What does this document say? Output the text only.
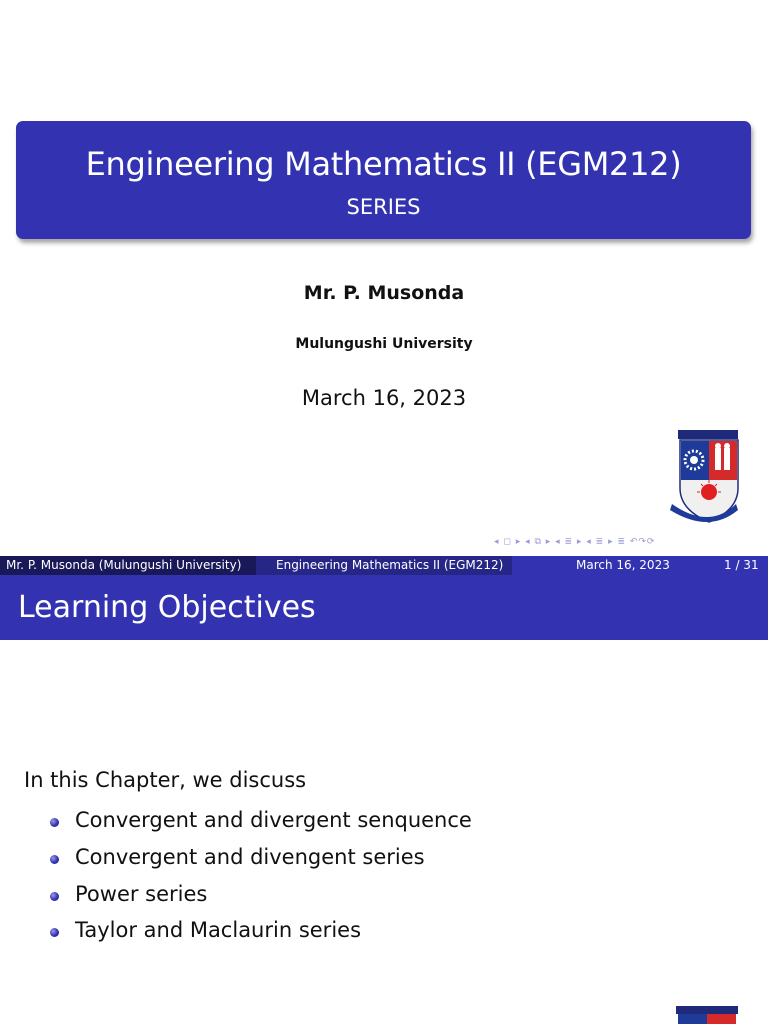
Engineering Mathematics II (EGM212)
SERIES
Mr. P. Musonda
Mulungushi University
March 16, 2023
◂ ◻ ▸ ◂ ⧉ ▸ ◂ ≣ ▸ ◂ ≣ ▸ ≣ ↶↷⟳
Mr. P. Musonda (Mulungushi University)	Engineering Mathematics II (EGM212)	March 16, 2023	1 / 31
Learning Objectives
In this Chapter, we discuss
Convergent and divergent senquence
Convergent and divengent series
Power series
Taylor and Maclaurin series
